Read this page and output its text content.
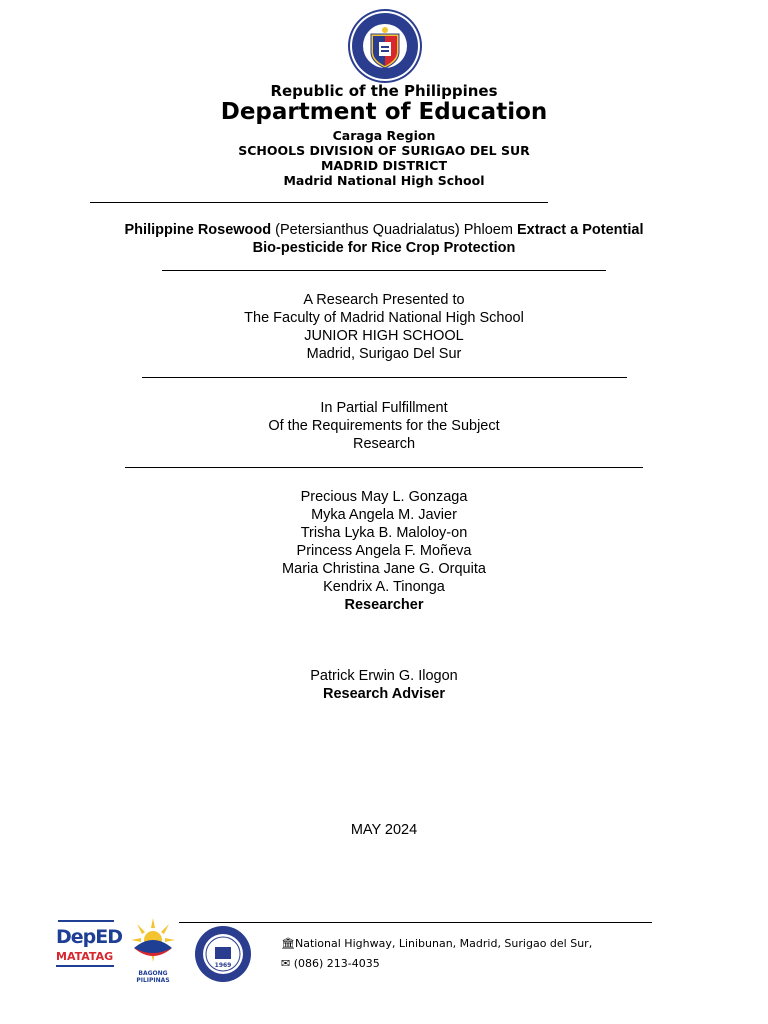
Republic of the Philippines
Department of Education
Caraga Region
SCHOOLS DIVISION OF SURIGAO DEL SUR
MADRID DISTRICT
Madrid National High School
Philippine Rosewood (Petersianthus Quadrialatus) Phloem Extract a Potential
Bio-pesticide for Rice Crop Protection
A Research Presented to
The Faculty of Madrid National High School
JUNIOR HIGH SCHOOL
Madrid, Surigao Del Sur
In Partial Fulfillment
Of the Requirements for the Subject
Research
Precious May L. Gonzaga
Myka Angela M. Javier
Trisha Lyka B. Maloloy-on
Princess Angela F. Moñeva
Maria Christina Jane G. Orquita
Kendrix A. Tinonga
Researcher
Patrick Erwin G. Ilogon
Research Adviser
MAY 2024
DepED
MATATAG
BAGONG PILIPINAS
1969
🏛︎National Highway, Linibunan, Madrid, Surigao del Sur,
✉︎ (086) 213-4035
